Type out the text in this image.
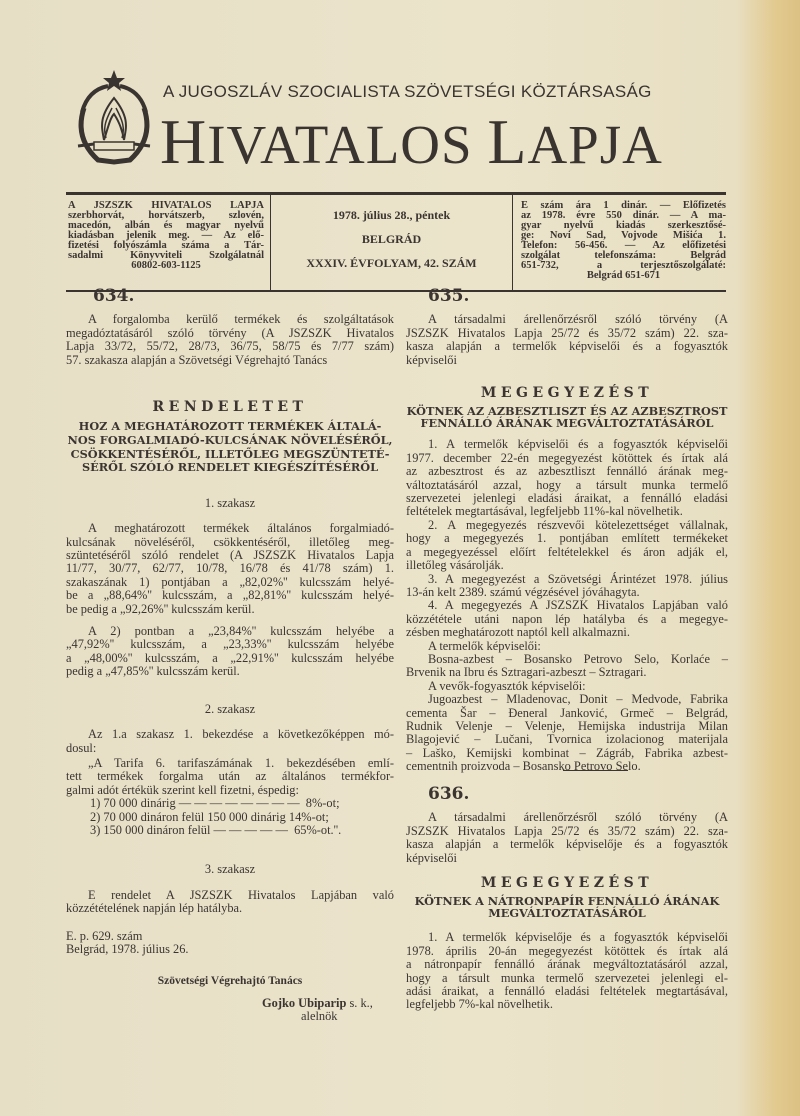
A JUGOSZLÁV SZOCIALISTA SZÖVETSÉGI KÖZTÁRSASÁG
HIVATALOS LAPJA
A JSZSZK HIVATALOS LAPJA
szerbhorvát, horvátszerb, szlovén,
macedón, albán és magyar nyelvű
kiadásban jelenik meg. — Az elő-
fizetési folyószámla száma a Tár-
sadalmi Könyvviteli Szolgálatnál
60802-603-1125
1978. július 28., péntek
BELGRÁD
XXXIV. ÉVFOLYAM, 42. SZÁM
E szám ára 1 dinár. — Előfizetés
az 1978. évre 550 dinár. — A ma-
gyar nyelvű kiadás szerkesztősé-
ge: Novi Sad, Vojvode Mišića 1.
Telefon: 56-456. — Az előfizetési
szolgálat telefonszáma: Belgrád
651-732, a terjesztőszolgálaté:
Belgrád 651-671
634.
A forgalomba kerülő termékek és szolgáltatások
megadóztatásáról szóló törvény (A JSZSZK Hivatalos
Lapja 33/72, 55/72, 28/73, 36/75, 58/75 és 7/77 szám)
57. szakasza alapján a Szövetségi Végrehajtó Tanács
RENDELETET
HOZ A MEGHATÁROZOTT TERMÉKEK ÁLTALÁ-
NOS FORGALMIADÓ-KULCSÁNAK NÖVELÉSÉRŐL,
CSÖKKENTÉSÉRŐL, ILLETŐLEG MEGSZÜNTETÉ-
SÉRŐL SZÓLÓ RENDELET KIEGÉSZÍTÉSÉRŐL
1. szakasz
A meghatározott termékek általános forgalmiadó-
kulcsának növeléséről, csökkentéséről, illetőleg meg-
szüntetéséről szóló rendelet (A JSZSZK Hivatalos Lapja
11/77, 30/77, 62/77, 10/78, 16/78 és 41/78 szám) 1.
szakaszának 1) pontjában a „82,02%'' kulcsszám helyé-
be a „88,64%'' kulcsszám, a „82,81%'' kulcsszám helyé-
be pedig a „92,26%'' kulcsszám kerül.
A 2) pontban a „23,84%'' kulcsszám helyébe a
„47,92%'' kulcsszám, a „23,33%'' kulcsszám helyébe
a „48,00%'' kulcsszám, a „22,91%'' kulcsszám helyébe
pedig a „47,85%'' kulcsszám kerül.
2. szakasz
Az 1.a szakasz 1. bekezdése a következőképpen mó-
dosul:
„A Tarifa 6. tarifaszámának 1. bekezdésében emlí-
tett termékek forgalma után az általános termékfor-
galmi adót értékük szerint kell fizetni, éspedig:
1) 70 000 dinárig — — — — — — — —  8%-ot;
2) 70 000 dináron felül 150 000 dinárig 14%-ot;
3) 150 000 dináron felül — — — — —  65%-ot.''.
3. szakasz
E rendelet A JSZSZK Hivatalos Lapjában való
közzétételének napján lép hatályba.
E. p. 629. szám
Belgrád, 1978. július 26.
Szövetségi Végrehajtó Tanács
Gojko Ubiparip s. k.,
alelnök
635.
A társadalmi árellenőrzésről szóló törvény (A
JSZSZK Hivatalos Lapja 25/72 és 35/72 szám) 22. sza-
kasza alapján a termelők képviselői és a fogyasztók
képviselői
MEGEGYEZÉST
KÖTNEK AZ AZBESZTLISZT ÉS AZ AZBESZTROST
FENNÁLLÓ ÁRÁNAK MEGVÁLTOZTATÁSÁRÓL
1. A termelők képviselői és a fogyasztók képviselői
1977. december 22-én megegyezést kötöttek és írtak alá
az azbesztrost és az azbesztliszt fennálló árának meg-
változtatásáról azzal, hogy a társult munka termelő
szervezetei jelenlegi eladási áraikat, a fennálló eladási
feltételek megtartásával, legfeljebb 11%-kal növelhetik.
2. A megegyezés részvevői kötelezettséget vállalnak,
hogy a megegyezés 1. pontjában említett termékeket
a megegyezéssel előírt feltételekkel és áron adják el,
illetőleg vásárolják.
3. A megegyezést a Szövetségi Árintézet 1978. július
13-án kelt 2389. számú végzésével jóváhagyta.
4. A megegyezés A JSZSZK Hivatalos Lapjában való
közzététele utáni napon lép hatályba és a megegye-
zésben meghatározott naptól kell alkalmazni.
A termelők képviselői:
Bosna-azbest – Bosansko Petrovo Selo, Korlaće –
Brvenik na Ibru és Sztragari-azbeszt – Sztragari.
A vevők-fogyasztók képviselői:
Jugoazbest – Mladenovac, Donit – Medvode, Fabrika
cementa Šar – Đeneral Janković, Grmeč – Belgrád,
Rudnik Velenje – Velenje, Hemijska industrija Milan
Blagojević – Lučani, Tvornica izolacionog materijala
– Laško, Kemijski kombinat – Zágráb, Fabrika azbest-
cementnih proizvoda – Bosansko Petrovo Selo.
636.
A társadalmi árellenőrzésről szóló törvény (A
JSZSZK Hivatalos Lapja 25/72 és 35/72 szám) 22. sza-
kasza alapján a termelők képviselője és a fogyasztók
képviselői
MEGEGYEZÉST
KÖTNEK A NÁTRONPAPÍR FENNÁLLÓ ÁRÁNAK
MEGVÁLTOZTATÁSÁRÓL
1. A termelők képviselője és a fogyasztók képviselői
1978. április 20-án megegyezést kötöttek és írtak alá
a nátronpapír fennálló árának megváltoztatásáról azzal,
hogy a társult munka termelő szervezetei jelenlegi el-
adási áraikat, a fennálló eladási feltételek megtartásával,
legfeljebb 7%-kal növelhetik.
